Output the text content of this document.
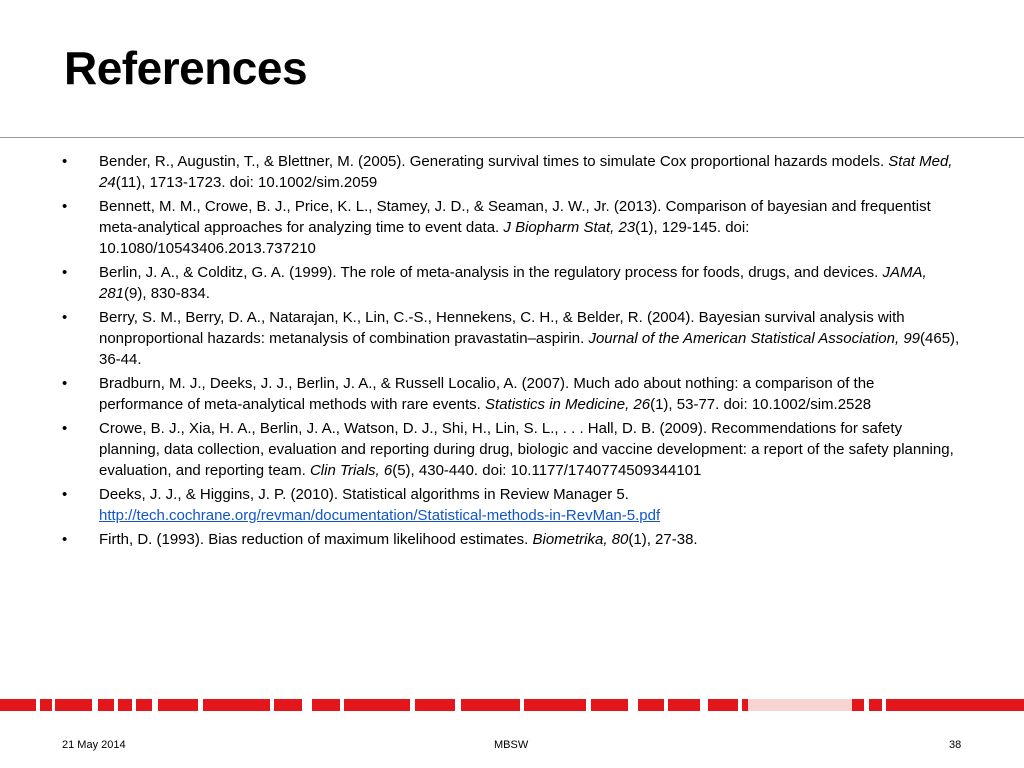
References
• Bender, R., Augustin, T., & Blettner, M. (2005). Generating survival times to simulate Cox proportional hazards models. Stat Med, 24(11), 1713-1723. doi: 10.1002/sim.2059
• Bennett, M. M., Crowe, B. J., Price, K. L., Stamey, J. D., & Seaman, J. W., Jr. (2013). Comparison of bayesian and frequentist meta-analytical approaches for analyzing time to event data. J Biopharm Stat, 23(1), 129-145. doi: 10.1080/10543406.2013.737210
• Berlin, J. A., & Colditz, G. A. (1999). The role of meta-analysis in the regulatory process for foods, drugs, and devices. JAMA, 281(9), 830-834.
• Berry, S. M., Berry, D. A., Natarajan, K., Lin, C.-S., Hennekens, C. H., & Belder, R. (2004). Bayesian survival analysis with nonproportional hazards: metanalysis of combination pravastatin–aspirin. Journal of the American Statistical Association, 99(465), 36-44.
• Bradburn, M. J., Deeks, J. J., Berlin, J. A., & Russell Localio, A. (2007). Much ado about nothing: a comparison of the performance of meta-analytical methods with rare events. Statistics in Medicine, 26(1), 53-77. doi: 10.1002/sim.2528
• Crowe, B. J., Xia, H. A., Berlin, J. A., Watson, D. J., Shi, H., Lin, S. L., . . . Hall, D. B. (2009). Recommendations for safety planning, data collection, evaluation and reporting during drug, biologic and vaccine development: a report of the safety planning, evaluation, and reporting team. Clin Trials, 6(5), 430-440. doi: 10.1177/1740774509344101
• Deeks, J. J., & Higgins, J. P. (2010). Statistical algorithms in Review Manager 5. http://tech.cochrane.org/revman/documentation/Statistical-methods-in-RevMan-5.pdf
• Firth, D. (1993). Bias reduction of maximum likelihood estimates. Biometrika, 80(1), 27-38.
21 May 2014	MBSW	38
